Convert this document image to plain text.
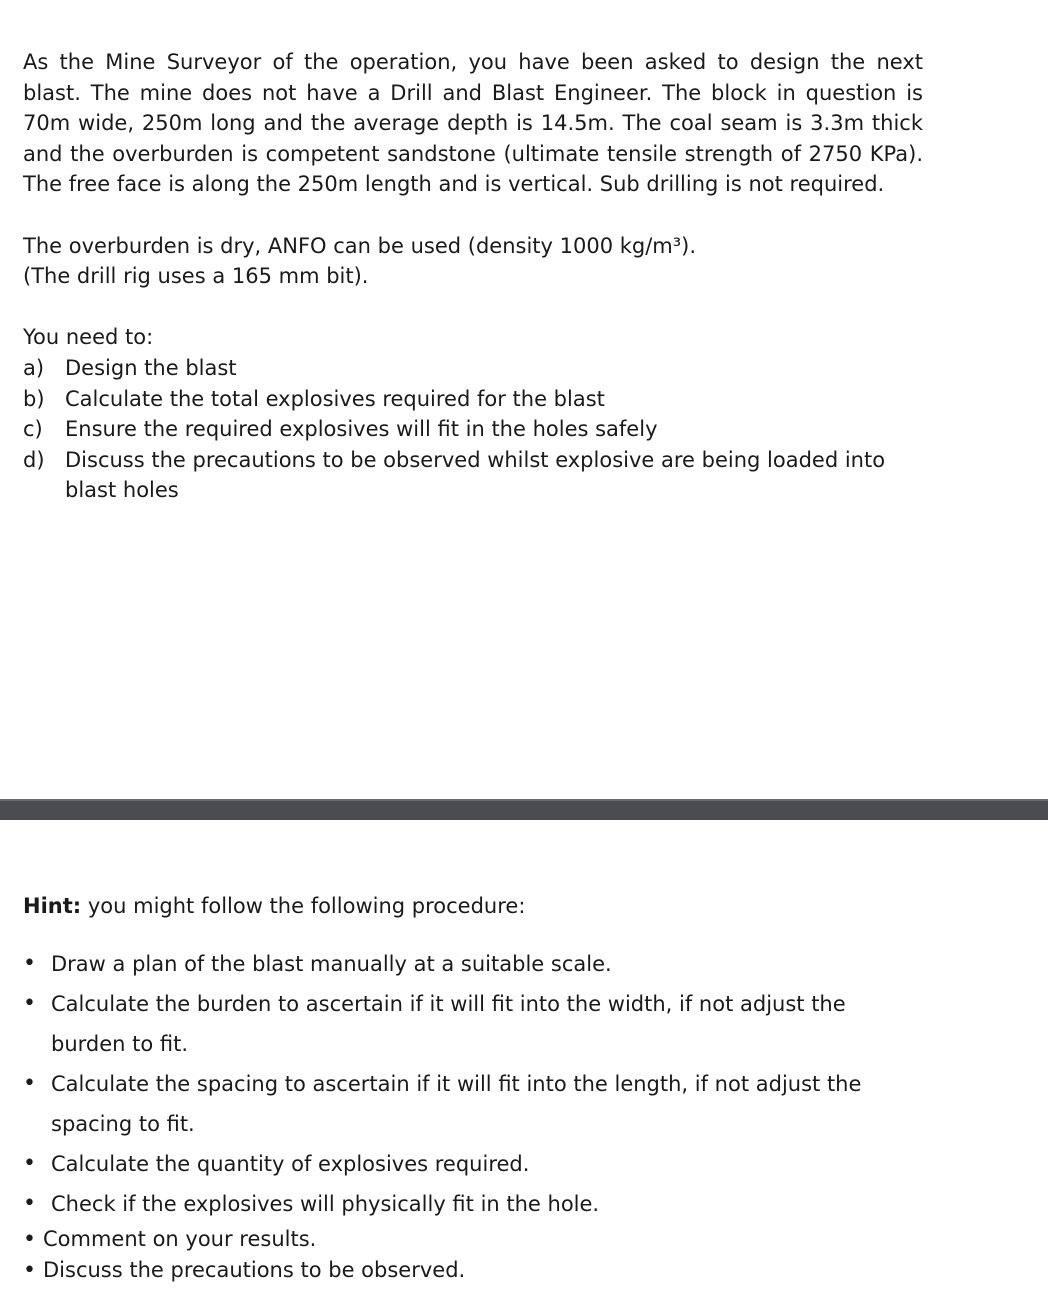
As the Mine Surveyor of the operation, you have been asked to design the next blast. The mine does not have a Drill and Blast Engineer. The block in question is 70m wide, 250m long and the average depth is 14.5m. The coal seam is 3.3m thick and the overburden is competent sandstone (ultimate tensile strength of 2750 KPa). The free face is along the 250m length and is vertical. Sub drilling is not required.

The overburden is dry, ANFO can be used (density 1000 kg/m³).

(The drill rig uses a 165 mm bit).

You need to:

a) Design the blast
b) Calculate the total explosives required for the blast
c)	Ensure the required explosives will fit in the holes safely
d) Discuss the precautions to be observed whilst explosive are being loaded into blast holes

Hint: you might follow the following procedure:

• Draw a plan of the blast manually at a suitable scale.
• Calculate the burden to ascertain if it will fit into the width, if not adjust the burden to fit.
• Calculate the spacing to ascertain if it will fit into the length, if not adjust the spacing to fit.
• Calculate the quantity of explosives required.
• Check if the explosives will physically fit in the hole.
• Comment on your results.
• Discuss the precautions to be observed.
